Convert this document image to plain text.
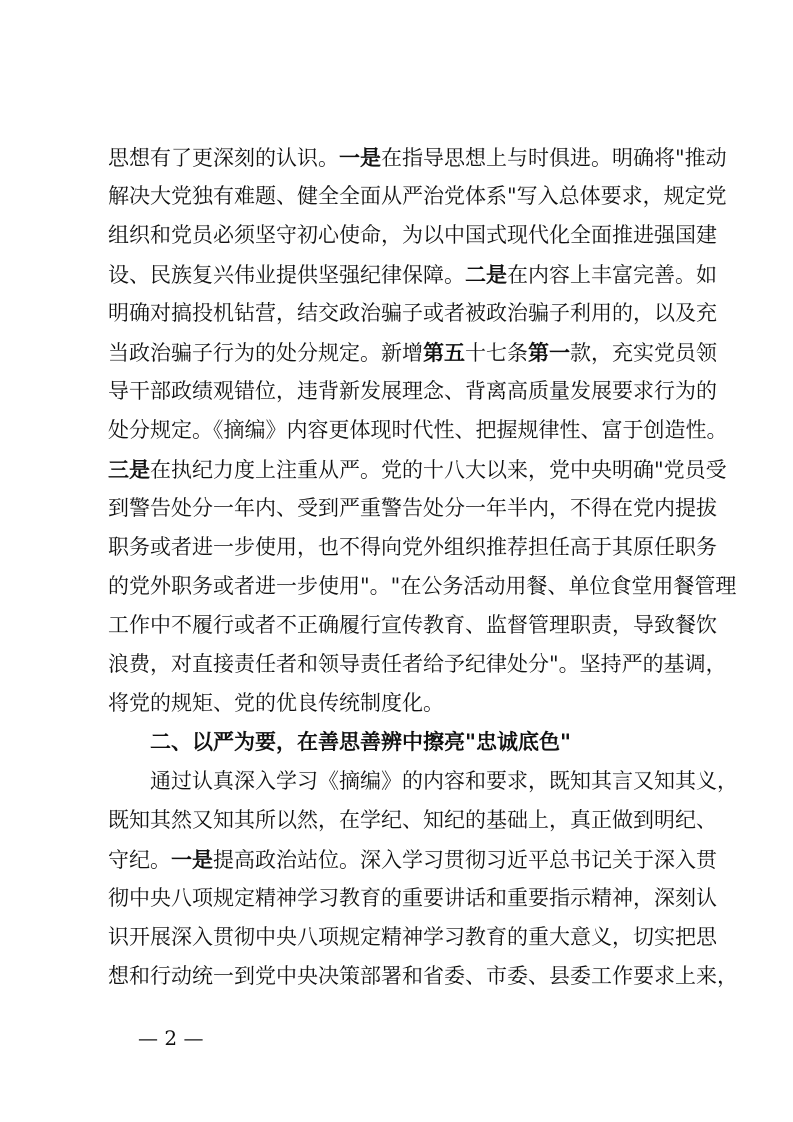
思想有了更深刻的认识。一是在指导思想上与时俱进。明确将"推动
解决大党独有难题、健全全面从严治党体系"写入总体要求，规定党
组织和党员必须坚守初心使命，为以中国式现代化全面推进强国建
设、民族复兴伟业提供坚强纪律保障。二是在内容上丰富完善。如
明确对搞投机钻营，结交政治骗子或者被政治骗子利用的，以及充
当政治骗子行为的处分规定。新增第五十七条第一款，充实党员领
导干部政绩观错位，违背新发展理念、背离高质量发展要求行为的
处分规定。《摘编》内容更体现时代性、把握规律性、富于创造性。
三是在执纪力度上注重从严。党的十八大以来，党中央明确"党员受
到警告处分一年内、受到严重警告处分一年半内，不得在党内提拔
职务或者进一步使用，也不得向党外组织推荐担任高于其原任职务
的党外职务或者进一步使用"。"在公务活动用餐、单位食堂用餐管理
工作中不履行或者不正确履行宣传教育、监督管理职责，导致餐饮
浪费，对直接责任者和领导责任者给予纪律处分"。坚持严的基调，
将党的规矩、党的优良传统制度化。
二、以严为要，在善思善辨中擦亮"忠诚底色"
通过认真深入学习《摘编》的内容和要求，既知其言又知其义，
既知其然又知其所以然，在学纪、知纪的基础上，真正做到明纪、
守纪。一是提高政治站位。深入学习贯彻习近平总书记关于深入贯
彻中央八项规定精神学习教育的重要讲话和重要指示精神，深刻认
识开展深入贯彻中央八项规定精神学习教育的重大意义，切实把思
想和行动统一到党中央决策部署和省委、市委、县委工作要求上来，
— 2 —
